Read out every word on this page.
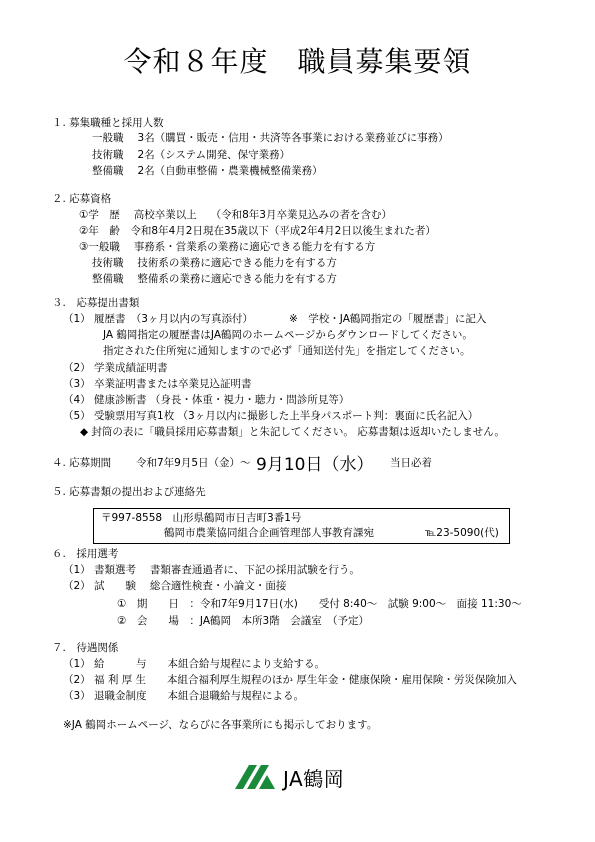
令和８年度　職員募集要領
１. 募集職種と採用人数
一般職 3名（購買・販売・信用・共済等各事業における業務並びに事務）
技術職 2名（システム開発、保守業務）
整備職 2名（自動車整備・農業機械整備業務）
２. 応募資格
①学　歴　 高校卒業以上　 （令和8年3月卒業見込みの者を含む）
②年　齢　令和8年4月2日現在35歳以下（平成2年4月2日以後生まれた者）
③一般職　 事務系・営業系の業務に適応できる能力を有する方
技術職　 技術系の業務に適応できる能力を有する方
整備職　 整備系の業務に適応できる能力を有する方
３.　応募提出書類
（1） 履歴書　（3ヶ月以内の写真添付）	※　学校・JA鶴岡指定の「履歴書」に記入
JA 鶴岡指定の履歴書はJA鶴岡のホームページからダウンロードしてください。
指定された住所宛に通知しますので必ず「通知送付先」を指定してください。
（2） 学業成績証明書
（3） 卒業証明書または卒業見込証明書
（4） 健康診断書 （身長・体重・視力・聴力・問診所見等）
（5） 受験票用写真1枚 （3ヶ月以内に撮影した上半身パスポート判：裏面に氏名記入）
◆ 封筒の表に「職員採用応募書類」と朱記してください。 応募書類は返却いたしません。
４. 応募期間 令和7年9月5日（金）～ 9月10日（水） 当日必着
５. 応募書類の提出および連絡先
〒997-8558　山形県鶴岡市日吉町3番1号
鶴岡市農業協同組合企画管理部人事教育課宛	℡23-5090(代)
６.　採用選考
（1） 書類選考　 書類審査通過者に、下記の採用試験を行う。
（2） 試　　験　 総合適性検査・小論文・面接
①　期　　日　：令和7年9月17日(水)　　受付 8:40～　試験 9:00～　面接 11:30～
②　会　　場　：JA鶴岡　本所3階　会議室　（予定）
７.　待遇関係
（1） 給　　　与　　本組合給与規程により支給する。
（2） 福 利 厚 生　　本組合福利厚生規程のほか 厚生年金・健康保険・雇用保険・労災保険加入
（3） 退職金制度　　本組合退職給与規程による。
※JA 鶴岡ホームページ、ならびに各事業所にも掲示しております。
JA鶴岡
